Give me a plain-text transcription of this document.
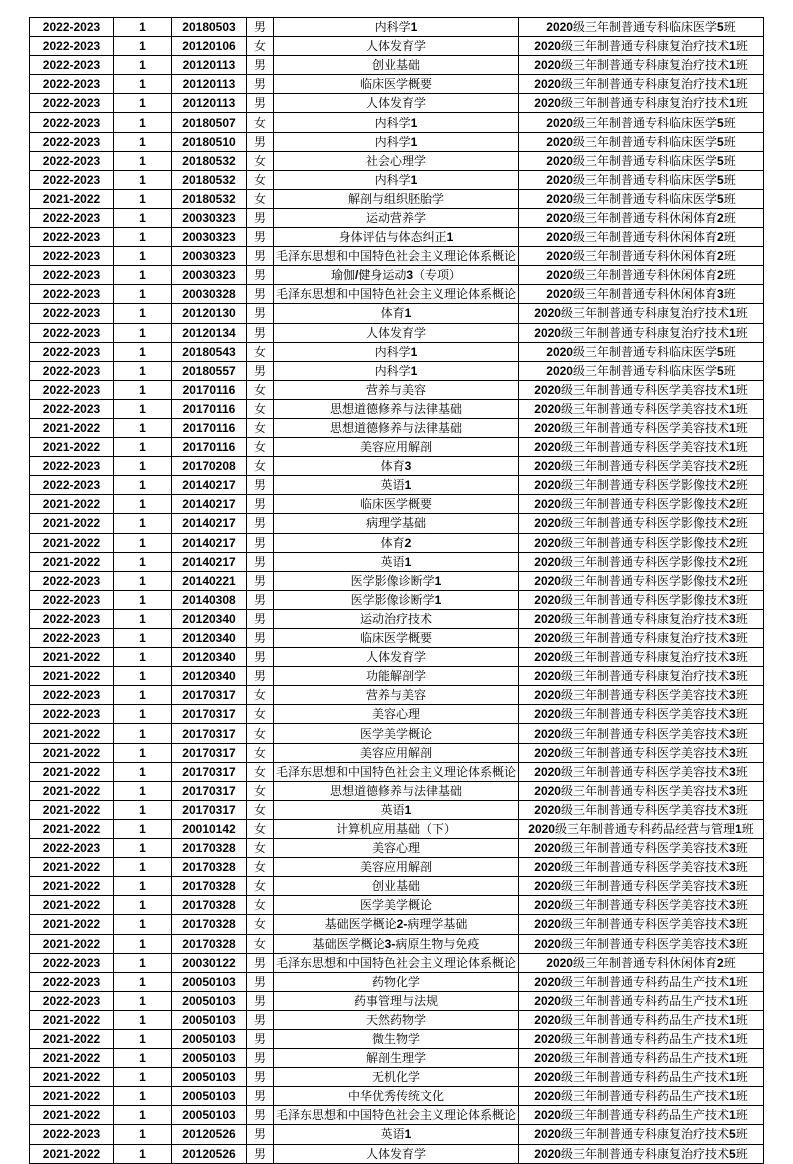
2022-2023	1	20180503	男	内科学1	2020级三年制普通专科临床医学5班
2022-2023	1	20120106	女	人体发育学	2020级三年制普通专科康复治疗技术1班
2022-2023	1	20120113	男	创业基础	2020级三年制普通专科康复治疗技术1班
2022-2023	1	20120113	男	临床医学概要	2020级三年制普通专科康复治疗技术1班
2022-2023	1	20120113	男	人体发育学	2020级三年制普通专科康复治疗技术1班
2022-2023	1	20180507	女	内科学1	2020级三年制普通专科临床医学5班
2022-2023	1	20180510	男	内科学1	2020级三年制普通专科临床医学5班
2022-2023	1	20180532	女	社会心理学	2020级三年制普通专科临床医学5班
2022-2023	1	20180532	女	内科学1	2020级三年制普通专科临床医学5班
2021-2022	1	20180532	女	解剖与组织胚胎学	2020级三年制普通专科临床医学5班
2022-2023	1	20030323	男	运动营养学	2020级三年制普通专科休闲体育2班
2022-2023	1	20030323	男	身体评估与体态纠正1	2020级三年制普通专科休闲体育2班
2022-2023	1	20030323	男	毛泽东思想和中国特色社会主义理论体系概论	2020级三年制普通专科休闲体育2班
2022-2023	1	20030323	男	瑜伽/健身运动3（专项）	2020级三年制普通专科休闲体育2班
2022-2023	1	20030328	男	毛泽东思想和中国特色社会主义理论体系概论	2020级三年制普通专科休闲体育3班
2022-2023	1	20120130	男	体育1	2020级三年制普通专科康复治疗技术1班
2022-2023	1	20120134	男	人体发育学	2020级三年制普通专科康复治疗技术1班
2022-2023	1	20180543	女	内科学1	2020级三年制普通专科临床医学5班
2022-2023	1	20180557	男	内科学1	2020级三年制普通专科临床医学5班
2022-2023	1	20170116	女	营养与美容	2020级三年制普通专科医学美容技术1班
2022-2023	1	20170116	女	思想道德修养与法律基础	2020级三年制普通专科医学美容技术1班
2021-2022	1	20170116	女	思想道德修养与法律基础	2020级三年制普通专科医学美容技术1班
2021-2022	1	20170116	女	美容应用解剖	2020级三年制普通专科医学美容技术1班
2022-2023	1	20170208	女	体育3	2020级三年制普通专科医学美容技术2班
2022-2023	1	20140217	男	英语1	2020级三年制普通专科医学影像技术2班
2021-2022	1	20140217	男	临床医学概要	2020级三年制普通专科医学影像技术2班
2021-2022	1	20140217	男	病理学基础	2020级三年制普通专科医学影像技术2班
2021-2022	1	20140217	男	体育2	2020级三年制普通专科医学影像技术2班
2021-2022	1	20140217	男	英语1	2020级三年制普通专科医学影像技术2班
2022-2023	1	20140221	男	医学影像诊断学1	2020级三年制普通专科医学影像技术2班
2022-2023	1	20140308	男	医学影像诊断学1	2020级三年制普通专科医学影像技术3班
2022-2023	1	20120340	男	运动治疗技术	2020级三年制普通专科康复治疗技术3班
2022-2023	1	20120340	男	临床医学概要	2020级三年制普通专科康复治疗技术3班
2021-2022	1	20120340	男	人体发育学	2020级三年制普通专科康复治疗技术3班
2021-2022	1	20120340	男	功能解剖学	2020级三年制普通专科康复治疗技术3班
2022-2023	1	20170317	女	营养与美容	2020级三年制普通专科医学美容技术3班
2022-2023	1	20170317	女	美容心理	2020级三年制普通专科医学美容技术3班
2021-2022	1	20170317	女	医学美学概论	2020级三年制普通专科医学美容技术3班
2021-2022	1	20170317	女	美容应用解剖	2020级三年制普通专科医学美容技术3班
2021-2022	1	20170317	女	毛泽东思想和中国特色社会主义理论体系概论	2020级三年制普通专科医学美容技术3班
2021-2022	1	20170317	女	思想道德修养与法律基础	2020级三年制普通专科医学美容技术3班
2021-2022	1	20170317	女	英语1	2020级三年制普通专科医学美容技术3班
2021-2022	1	20010142	女	计算机应用基础（下）	2020级三年制普通专科药品经营与管理1班
2022-2023	1	20170328	女	美容心理	2020级三年制普通专科医学美容技术3班
2021-2022	1	20170328	女	美容应用解剖	2020级三年制普通专科医学美容技术3班
2021-2022	1	20170328	女	创业基础	2020级三年制普通专科医学美容技术3班
2021-2022	1	20170328	女	医学美学概论	2020级三年制普通专科医学美容技术3班
2021-2022	1	20170328	女	基础医学概论2-病理学基础	2020级三年制普通专科医学美容技术3班
2021-2022	1	20170328	女	基础医学概论3-病原生物与免疫	2020级三年制普通专科医学美容技术3班
2022-2023	1	20030122	男	毛泽东思想和中国特色社会主义理论体系概论	2020级三年制普通专科休闲体育2班
2022-2023	1	20050103	男	药物化学	2020级三年制普通专科药品生产技术1班
2022-2023	1	20050103	男	药事管理与法规	2020级三年制普通专科药品生产技术1班
2021-2022	1	20050103	男	天然药物学	2020级三年制普通专科药品生产技术1班
2021-2022	1	20050103	男	微生物学	2020级三年制普通专科药品生产技术1班
2021-2022	1	20050103	男	解剖生理学	2020级三年制普通专科药品生产技术1班
2021-2022	1	20050103	男	无机化学	2020级三年制普通专科药品生产技术1班
2021-2022	1	20050103	男	中华优秀传统文化	2020级三年制普通专科药品生产技术1班
2021-2022	1	20050103	男	毛泽东思想和中国特色社会主义理论体系概论	2020级三年制普通专科药品生产技术1班
2022-2023	1	20120526	男	英语1	2020级三年制普通专科康复治疗技术5班
2021-2022	1	20120526	男	人体发育学	2020级三年制普通专科康复治疗技术5班
